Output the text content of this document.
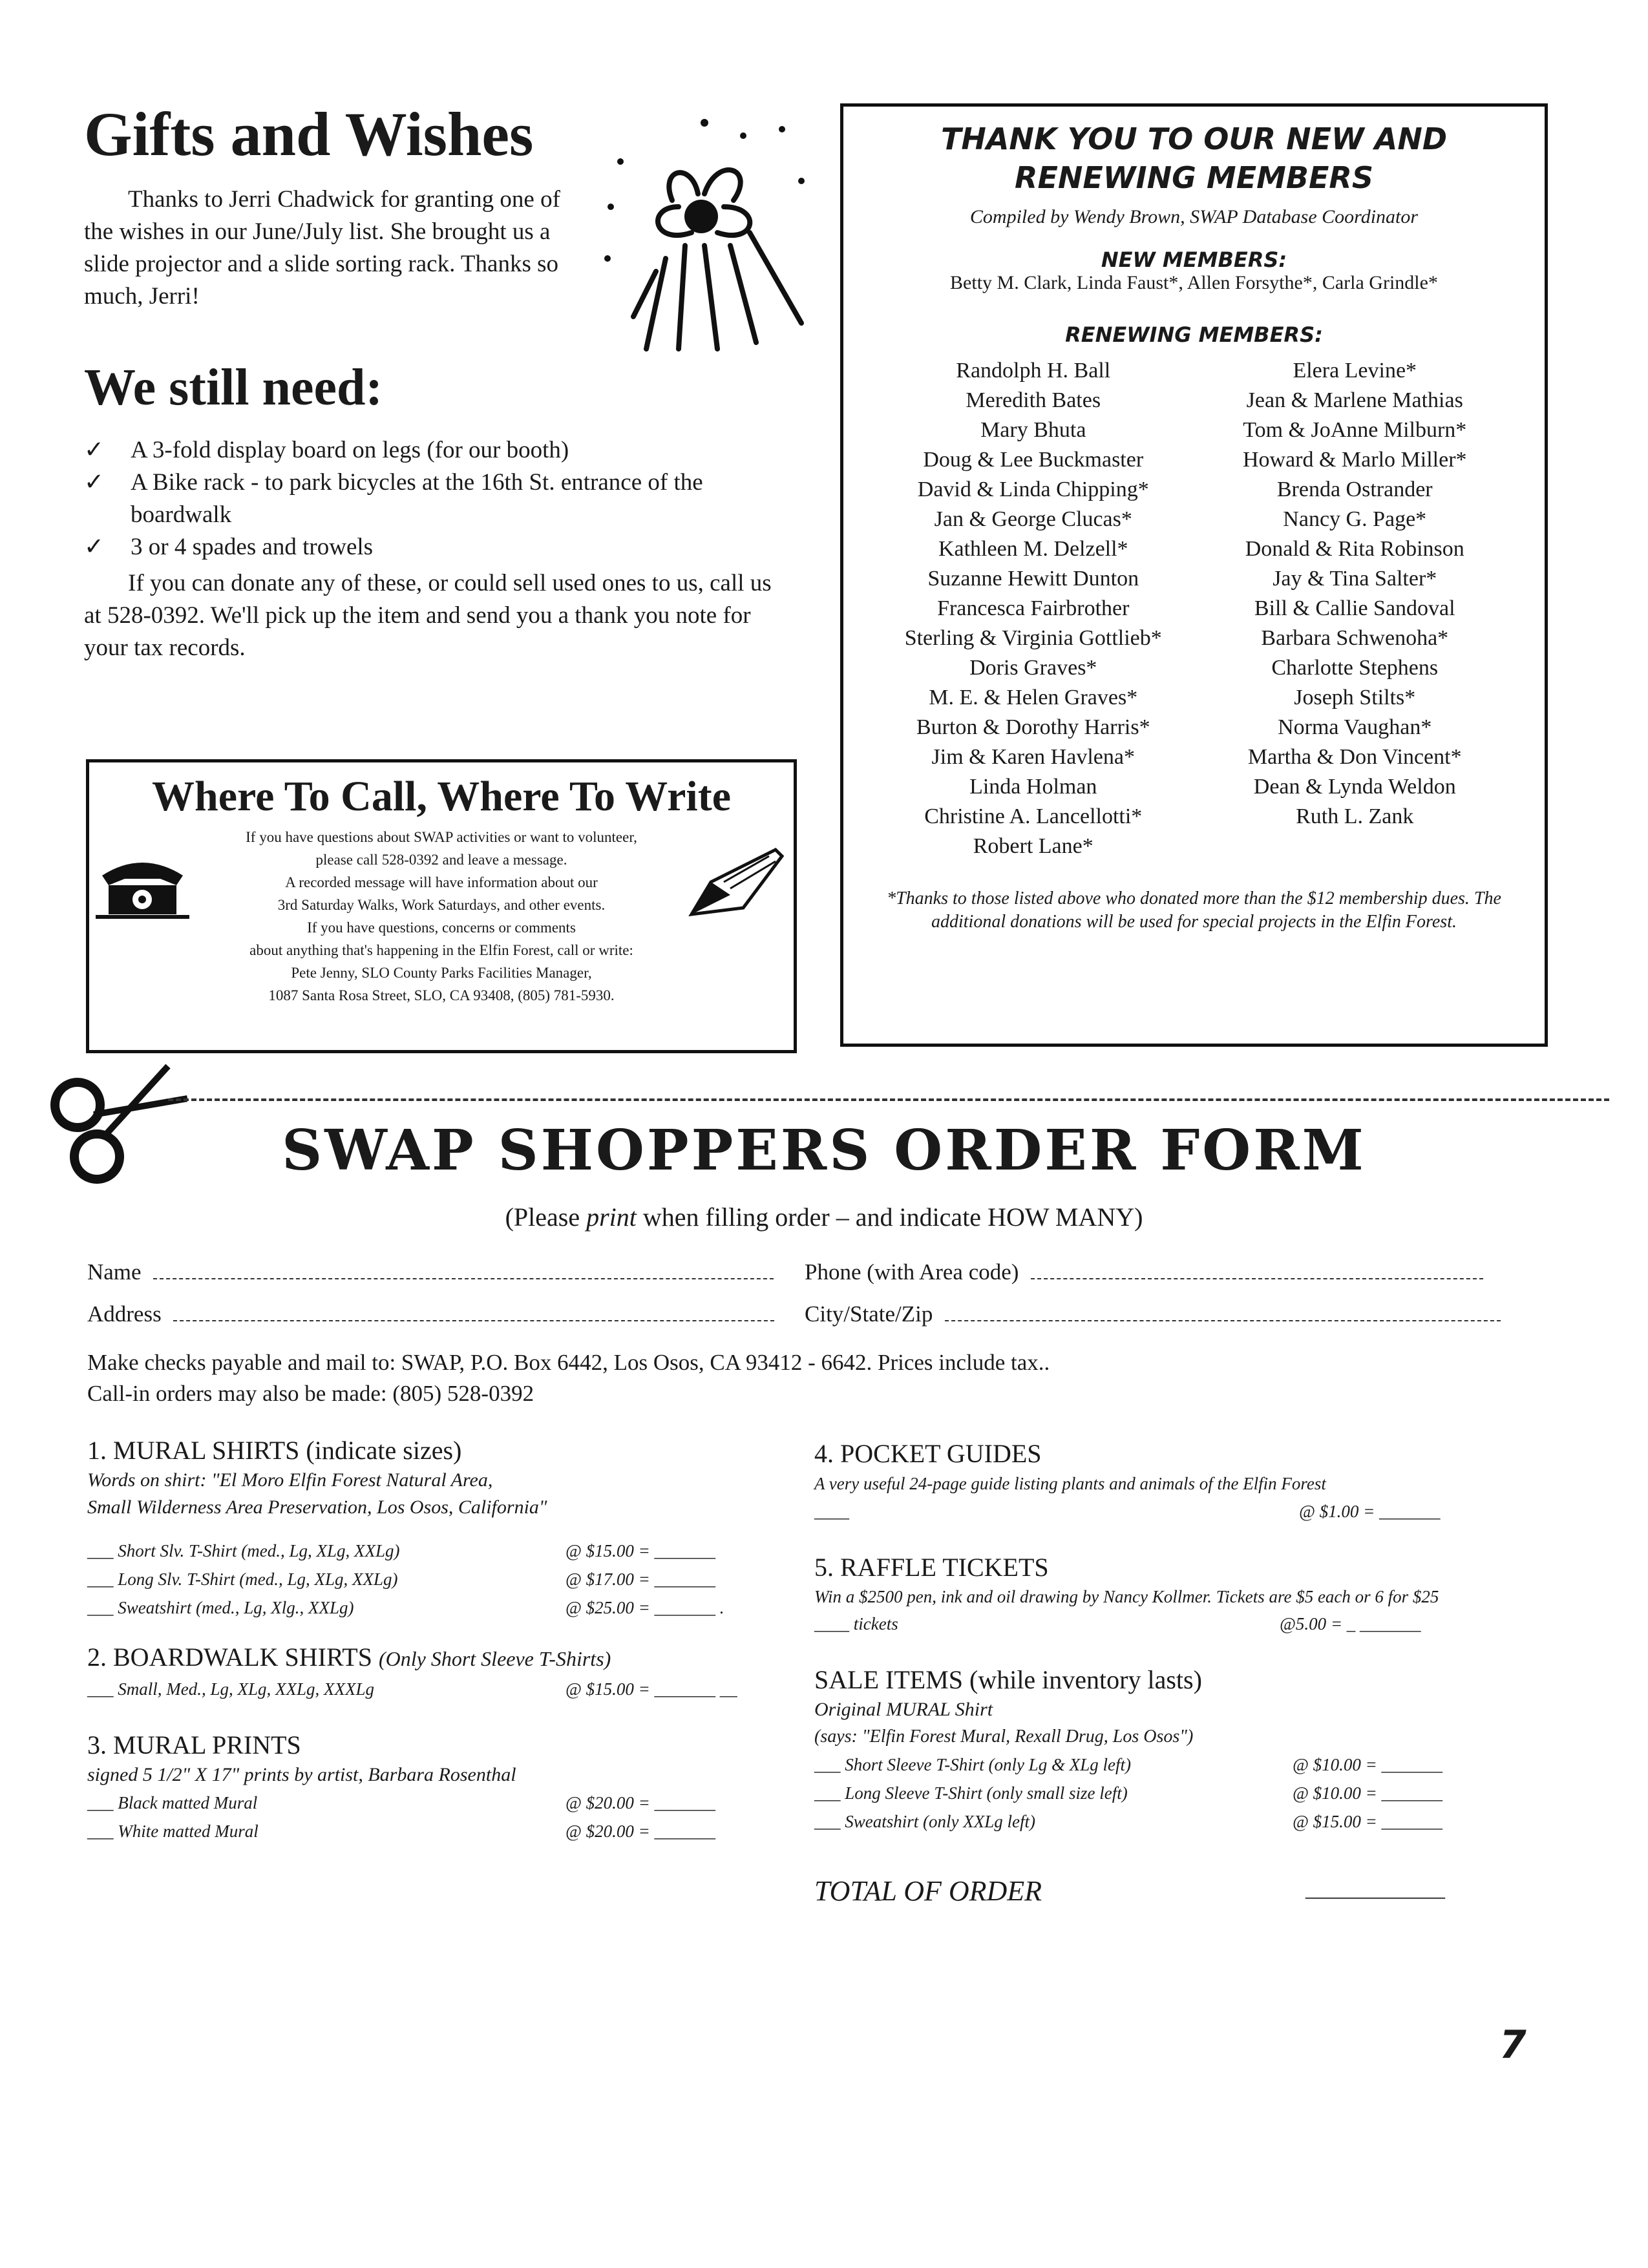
Gifts and Wishes

Thanks to Jerri Chadwick for granting one of the wishes in our June/July list. She brought us a slide projector and a slide sorting rack. Thanks so much, Jerri!

We still need:
✓ A 3-fold display board on legs (for our booth)
✓ A Bike rack - to park bicycles at the 16th St. entrance of the boardwalk
✓ 3 or 4 spades and trowels

If you can donate any of these, or could sell used ones to us, call us at 528-0392. We'll pick up the item and send you a thank you note for your tax records.

Where To Call, Where To Write

If you have questions about SWAP activities or want to volunteer,

please call 528-0392 and leave a message.

A recorded message will have information about our

3rd Saturday Walks, Work Saturdays, and other events.

If you have questions, concerns or comments

about anything that's happening in the Elfin Forest, call or write:

Pete Jenny, SLO County Parks Facilities Manager,

1087 Santa Rosa Street, SLO, CA 93408, (805) 781-5930.

THANK YOU TO OUR NEW AND

RENEWING MEMBERS

Compiled by Wendy Brown, SWAP Database Coordinator

NEW MEMBERS:

Betty M. Clark, Linda Faust*, Allen Forsythe*, Carla Grindle*

RENEWING MEMBERS:

Randolph H. Ball
Meredith Bates
Mary Bhuta
Doug & Lee Buckmaster
David & Linda Chipping*
Jan & George Clucas*
Kathleen M. Delzell*
Suzanne Hewitt Dunton
Francesca Fairbrother
Sterling & Virginia Gottlieb*
Doris Graves*
M. E. & Helen Graves*
Burton & Dorothy Harris*
Jim & Karen Havlena*
Linda Holman
Christine A. Lancellotti*
Robert Lane*
Elera Levine*
Jean & Marlene Mathias
Tom & JoAnne Milburn*
Howard & Marlo Miller*
Brenda Ostrander
Nancy G. Page*
Donald & Rita Robinson
Jay & Tina Salter*
Bill & Callie Sandoval
Barbara Schwenoha*
Charlotte Stephens
Joseph Stilts*
Norma Vaughan*
Martha & Don Vincent*
Dean & Lynda Weldon
Ruth L. Zank

*Thanks to those listed above who donated more than the $12 membership dues. The additional donations will be used for special projects in the Elfin Forest.

SWAP SHOPPERS ORDER FORM

(Please print when filling order – and indicate HOW MANY)

Name	Phone (with Area code)
Address	City/State/Zip
Make checks payable and mail to: SWAP, P.O. Box 6442, Los Osos, CA 93412 - 6642. Prices include tax..
Call-in orders may also be made: (805) 528-0392

1. MURAL SHIRTS (indicate sizes)

Words on shirt: "El Moro Elfin Forest Natural Area,
Small Wilderness Area Preservation, Los Osos, California"
___ Short Slv. T-Shirt (med., Lg, XLg, XXLg)	@ $15.00 = _______
___ Long Slv. T-Shirt (med., Lg, XLg, XXLg)	@ $17.00 = _______
___ Sweatshirt (med., Lg, Xlg., XXLg)	@ $25.00 = _______ .

2. BOARDWALK SHIRTS (Only Short Sleeve T-Shirts)

___ Small, Med., Lg, XLg, XXLg, XXXLg	@ $15.00 = _______ __

3. MURAL PRINTS

signed 5 1/2" X 17" prints by artist, Barbara Rosenthal
___ Black matted Mural	@ $20.00 = _______
___ White matted Mural	@ $20.00 = _______

4. POCKET GUIDES

A very useful 24-page guide listing plants and animals of the Elfin Forest
____	@ $1.00 = _______

5. RAFFLE TICKETS

Win a $2500 pen, ink and oil drawing by Nancy Kollmer. Tickets are $5 each or 6 for $25
____ tickets	@5.00 = _ _______

SALE ITEMS (while inventory lasts)

Original MURAL Shirt
(says: "Elfin Forest Mural, Rexall Drug, Los Osos")
___ Short Sleeve T-Shirt (only Lg & XLg left)	@ $10.00 = _______
___ Long Sleeve T-Shirt (only small size left)	@ $10.00 = _______
___ Sweatshirt (only XXLg left)	@ $15.00 = _______
TOTAL OF ORDER	____________
7
